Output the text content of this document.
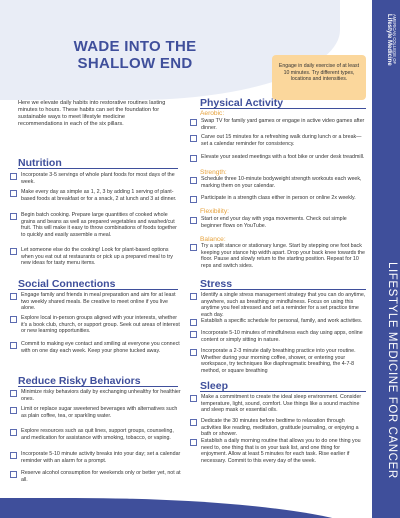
WADE INTO THE SHALLOW END

Here we elevate daily habits into restorative routines lasting minutes to hours. These habits can set the foundation for sustainable ways to meet lifestyle medicine recommendations in each of the six pillars.

Engage in daily exercise of at least 10 minutes. Try different types, locations and intensities.
AMERICAN COLLEGE OF
Lifestyle Medicine
LIFESTYLE MEDICINE FOR CANCER
Nutrition
Incorporate 3-5 servings of whole plant foods for most days of the week.
Make every day as simple as 1, 2, 3 by adding 1 serving of plant-based foods at breakfast or for a snack, 2 at lunch and 3 at dinner.
Begin batch cooking. Prepare large quantities of cooked whole grains and beans as well as prepared vegetables and washed/cut fruit. This will make it easy to throw combinations of foods together to quickly and easily assemble a meal.
Let someone else do the cooking! Look for plant-based options when you eat out at restaurants or pick up a prepared meal to try new ideas for tasty menu items.
Social Connections
Engage family and friends in meal preparation and aim for at least two weekly shared meals. Be creative to meet online if you live alone.
Explore local in-person groups aligned with your interests, whether it's a book club, church, or support group. Seek out areas of interest or new learning opportunities.
Commit to making eye contact and smiling at everyone you connect with on one day each week. Keep your phone tucked away.
Reduce Risky Behaviors
Minimize risky behaviors daily by exchanging unhealthy for healthier ones.
Limit or replace sugar sweetened beverages with alternatives such as plain coffee, tea, or sparkling water.
Explore resources such as quit lines, support groups, counseling, and medication for assistance with smoking, tobacco, or vaping.
Incorporate 5-10 minute activity breaks into your day; set a calendar reminder with an alarm for a prompt.
Reserve alcohol consumption for weekends only or better yet, not at all.
Physical Activity
Aerobic:
Swap TV for family yard games or engage in active video games after dinner.
Carve out 15 minutes for a refreshing walk during lunch or a break—set a calendar reminder for consistency.
Elevate your seated meetings with a foot bike or under desk treadmill.
Strength:
Schedule three 10-minute bodyweight strength workouts each week, marking them on your calendar.
Participate in a strength class either in person or online 2x weekly.
Flexibility:
Start or end your day with yoga movements. Check out simple beginner flows on YouTube.
Balance:
Try a split stance or stationary lunge. Start by stepping one foot back keeping your stance hip width apart. Drop your back knee towards the floor. Pause and slowly return to the starting position. Repeat for 10 reps and switch sides.
Stress
Identify a single stress management strategy that you can do anytime, anywhere, such as breathing or mindfulness. Focus on using this anytime you feel stressed and set a reminder for a set practice time each day.
Establish a specific schedule for personal, family, and work activities.
Incorporate 5-10 minutes of mindfulness each day using apps, online content or simply sitting in nature.
Incorporate a 2-3 minute daily breathing practice into your routine. Whether during your morning coffee, shower, or entering your workspace, try techniques like diaphragmatic breathing, the 4-7-8 method, or square breathing
Sleep
Make a commitment to create the ideal sleep environment. Consider temperature, light, sound, comfort. Use things like a sound machine and sleep mask or essential oils.
Dedicate the 30 minutes before bedtime to relaxation through activities like reading, meditation, gratitude journaling, or enjoying a bath or shower.
Establish a daily morning routine that allows you to do one thing you need to, one thing that is on your task list, and one thing for enjoyment. Allow at least 5 minutes for each task. Rise earlier if necessary. Commit to this every day of the week.
